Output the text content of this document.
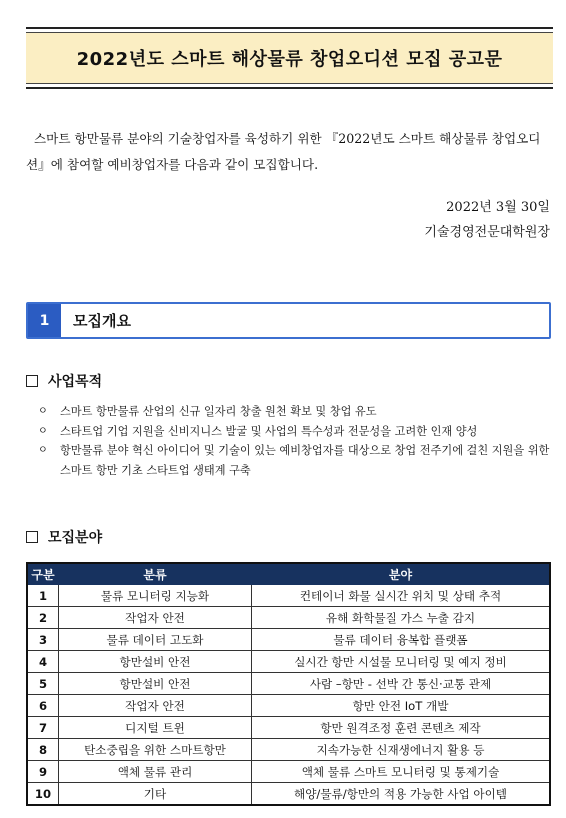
2022년도 스마트 해상물류 창업오디션 모집 공고문
스마트 항만물류 분야의 기술창업자를 육성하기 위한 『2022년도 스마트 해상물류 창업오디션』에 참여할 예비창업자를 다음과 같이 모집합니다.
2022년 3월 30일
기술경영전문대학원장
1	모집개요
사업목적
ㅇ	스마트 항만물류 산업의 신규 일자리 창출 원천 확보 및 창업 유도
ㅇ	스타트업 기업 지원을 신비지니스 발굴 및 사업의 특수성과 전문성을 고려한 인재 양성
ㅇ	항만물류 분야 혁신 아이디어 및 기술이 있는 예비창업자를 대상으로 창업 전주기에 걸친 지원을 위한 스마트 항만 기초 스타트업 생태계 구축
모집분야
구분	분류	분야
1	물류 모니터링 지능화	컨테이너 화물 실시간 위치 및 상태 추적
2	작업자 안전	유해 화학물질 가스 누출 감지
3	물류 데이터 고도화	물류 데이터 융복합 플랫폼
4	항만설비 안전	실시간 항만 시설물 모니터링 및 예지 정비
5	항만설비 안전	사람 –항만 - 선박 간 통신·교통 관제
6	작업자 안전	항만 안전 IoT 개발
7	디지털 트윈	항만 원격조정 훈련 콘텐츠 제작
8	탄소중립을 위한 스마트항만	지속가능한 신재생에너지 활용 등
9	액체 물류 관리	액체 물류 스마트 모니터링 및 통제기술
10	기타	해양/물류/항만의 적용 가능한 사업 아이템
